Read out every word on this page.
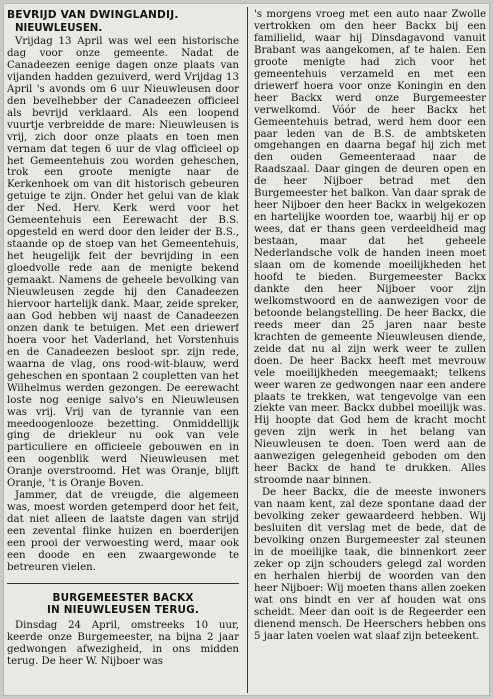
BEVRIJD VAN DWINGLANDIJ.
NIEUWLEUSEN.

Vrijdag 13 April was wel een historische dag voor onze gemeente. Nadat de Canadeezen eenige dagen onze plaats van vijanden hadden gezuiverd, werd Vrijdag 13 April 's avonds om 6 uur Nieuwleusen door den bevelhebber der Canadeezen officieel als bevrijd verklaard. Als een loopend vuurtje verbreidde de mare: Nieuwleusen is vrij, zich door onze plaats en toen men vernam dat tegen 6 uur de vlag officieel op het Gemeentehuis zou worden geheschen, trok een groote menigte naar de Kerkenhoek om van dit historisch gebeuren getuige te zijn. Onder het gelui van de klak der Ned. Herv. Kerk werd voor het Gemeentehuis een Eerewacht der B.S. opgesteld en werd door den leider der B.S., staande op de stoep van het Gemeentehuis, het heugelijk feit der bevrijding in een gloedvolle rede aan de menigte bekend gemaakt. Namens de geheele bevolking van Nieuwleusen zegde hij den Canadeezen hiervoor hartelijk dank. Maar, zeide spreker, aan God hebben wij naast de Canadeezen onzen dank te betuigen. Met een driewerf hoera voor het Vaderland, het Vorstenhuis en de Canadeezen besloot spr. zijn rede, waarna de vlag, ons rood-wit-blauw, werd geheschen en spontaan 2 coupletten van het Wilhelmus werden gezongen. De eerewacht loste nog eenige salvo's en Nieuwleusen was vrij. Vrij van de tyrannie van een meedoogenlooze bezetting. Onmiddellijk ging de driekleur nu ook van vele particuliere en officieele gebouwen en in een oogenblik werd Nieuwleusen met Oranje overstroomd. Het was Oranje, blijft Oranje, 't is Oranje Boven.

Jammer, dat de vreugde, die algemeen was, moest worden getemperd door het feit, dat niet alleen de laatste dagen van strijd een zevental flinke huizen en boerderijen een prooi der verwoesting werd, maar ook een doode en een zwaargewonde te betreuren vielen.

BURGEMEESTER BACKX
IN NIEUWLEUSEN TERUG.

Dinsdag 24 April, omstreeks 10 uur, keerde onze Burgemeester, na bijna 2 jaar gedwongen afwezigheid, in ons midden terug. De heer W. Nijboer was

's morgens vroeg met een auto naar Zwolle vertrokken om den heer Backx bij een familielid, waar hij Dinsdagavond vanuit Brabant was aangekomen, af te halen. Een groote menigte had zich voor het gemeentehuis verzameld en met een driewerf hoera voor onze Koningin en den heer Backx werd onze Burgemeester verwelkomd. Vóór de heer Backx het Gemeentehuis betrad, werd hem door een paar leden van de B.S. de ambtsketen omgehangen en daarna begaf hij zich met den ouden Gemeenteraad naar de Raadszaal. Daar gingen de deuren open en de heer Nijboer betrad met den Burgemeester het balkon. Van daar sprak de heer Nijboer den heer Backx in welgekozen en hartelijke woorden toe, waarbij hij er op wees, dat er thans geen verdeeldheid mag bestaan, maar dat het geheele Nederlandsche volk de handen ineen moet slaan om de komende moeilijkheden het hoofd te bieden. Burgemeester Backx dankte den heer Nijboer voor zijn welkomstwoord en de aanwezigen voor de betoonde belangstelling. De heer Backx, die reeds meer dan 25 jaren naar beste krachten de gemeente Nieuwleusen diende, zeide dat nu al zijn werk weer te zullen doen. De heer Backx heeft met mevrouw vele moeilijkheden meegemaakt; telkens weer waren ze gedwongen naar een andere plaats te trekken, wat tengevolge van een ziekte van meer. Backx dubbel moeilijk was. Hij hoopte dat God hem de kracht mocht geven zijn werk in het belang van Nieuwleusen te doen. Toen werd aan de aanwezigen gelegenheid geboden om den heer Backx de hand te drukken. Alles stroomde naar binnen.

De heer Backx, die de meeste inwoners van naam kent, zal deze spontane daad der bevolking zeker gewaardeerd hebben. Wij besluiten dit verslag met de bede, dat de bevolking onzen Burgemeester zal steunen in de moeilijke taak, die binnenkort zeer zeker op zijn schouders gelegd zal worden en herhalen hierbij de woorden van den heer Nijboer: Wij moeten thans allen zoeken wat ons bindt en ver af houden wat ons scheidt. Meer dan ooit is de Regeerder een dienend mensch. De Heerschers hebben ons 5 jaar laten voelen wat slaaf zijn beteekent.
